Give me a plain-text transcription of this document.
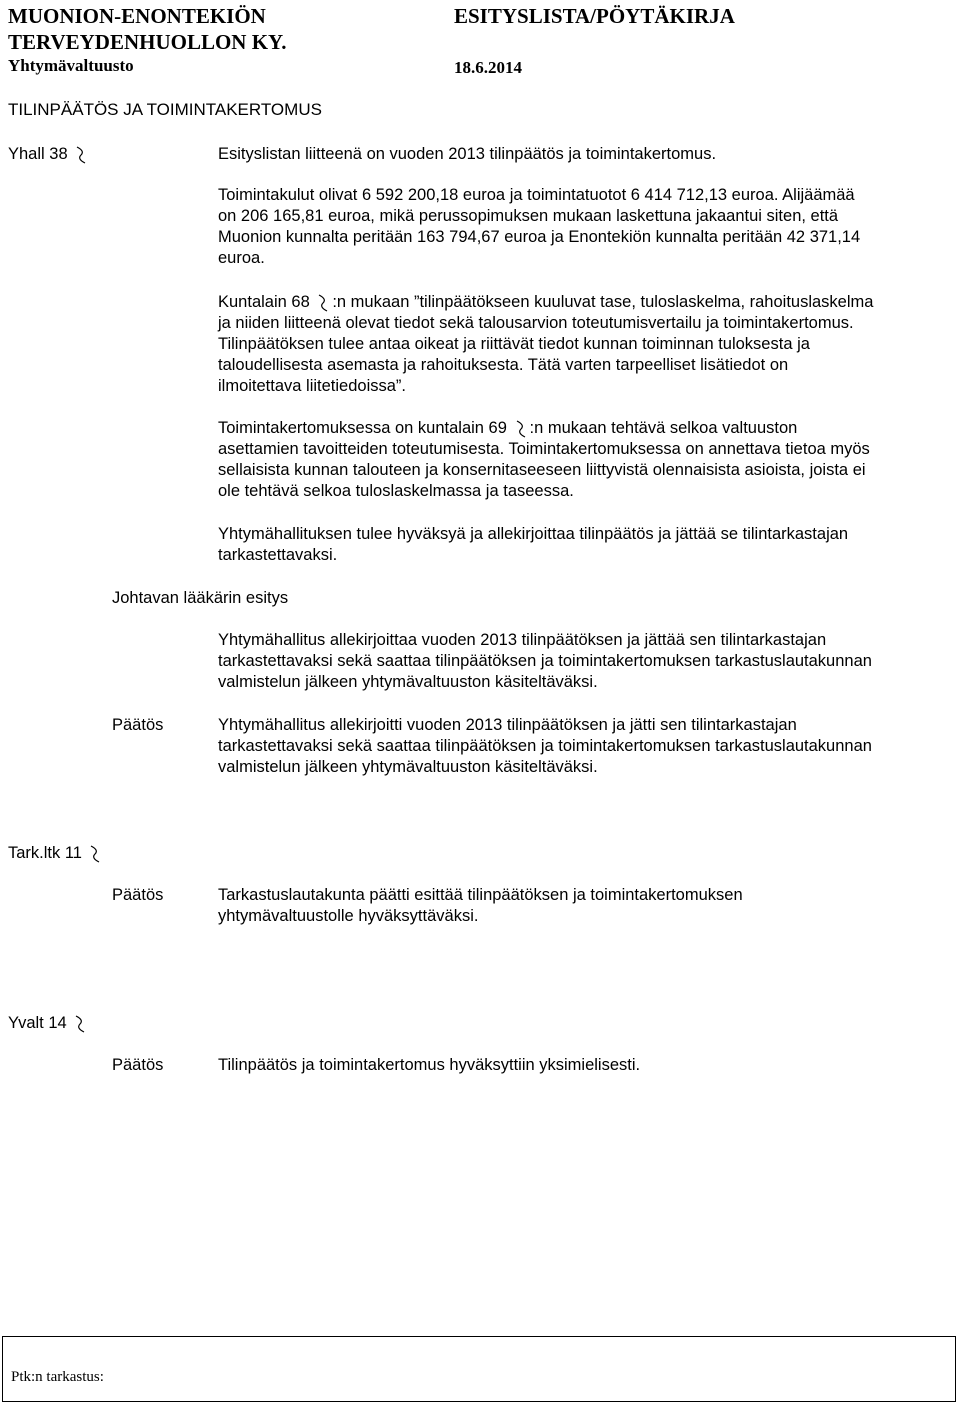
MUONION-ENONTEKIÖN	ESITYSLISTA/PÖYTÄKIRJA
TERVEYDENHUOLLON KY.
Yhtymävaltuusto	18.6.2014
TILINPÄÄTÖS JA TOIMINTAKERTOMUS
Yhall 38	Esityslistan liitteenä on vuoden 2013 tilinpäätös ja toimintakertomus.
Toimintakulut olivat 6 592 200,18 euroa ja toimintatuotot 6 414 712,13 euroa. Alijäämää
on 206 165,81 euroa, mikä perussopimuksen mukaan laskettuna jakaantui siten, että
Muonion kunnalta peritään 163 794,67 euroa ja Enontekiön kunnalta peritään 42 371,14
euroa.
Kuntalain 68 :n mukaan ”tilinpäätökseen kuuluvat tase, tuloslaskelma, rahoituslaskelma
ja niiden liitteenä olevat tiedot sekä talousarvion toteutumisvertailu ja toimintakertomus.
Tilinpäätöksen tulee antaa oikeat ja riittävät tiedot kunnan toiminnan tuloksesta ja
taloudellisesta asemasta ja rahoituksesta. Tätä varten tarpeelliset lisätiedot on
ilmoitettava liitetiedoissa”.
Toimintakertomuksessa on kuntalain 69 :n mukaan tehtävä selkoa valtuuston
asettamien tavoitteiden toteutumisesta. Toimintakertomuksessa on annettava tietoa myös
sellaisista kunnan talouteen ja konsernitaseeseen liittyvistä olennaisista asioista, joista ei
ole tehtävä selkoa tuloslaskelmassa ja taseessa.
Yhtymähallituksen tulee hyväksyä ja allekirjoittaa tilinpäätös ja jättää se tilintarkastajan
tarkastettavaksi.
Johtavan lääkärin esitys
Yhtymähallitus allekirjoittaa vuoden 2013 tilinpäätöksen ja jättää sen tilintarkastajan
tarkastettavaksi sekä saattaa tilinpäätöksen ja toimintakertomuksen tarkastuslautakunnan
valmistelun jälkeen yhtymävaltuuston käsiteltäväksi.
Päätös	Yhtymähallitus allekirjoitti vuoden 2013 tilinpäätöksen ja jätti sen tilintarkastajan
tarkastettavaksi sekä saattaa tilinpäätöksen ja toimintakertomuksen tarkastuslautakunnan
valmistelun jälkeen yhtymävaltuuston käsiteltäväksi.
Tark.ltk 11
Päätös	Tarkastuslautakunta päätti esittää tilinpäätöksen ja toimintakertomuksen
yhtymävaltuustolle hyväksyttäväksi.
Yvalt 14
Päätös	Tilinpäätös ja toimintakertomus hyväksyttiin yksimielisesti.
Ptk:n tarkastus:
